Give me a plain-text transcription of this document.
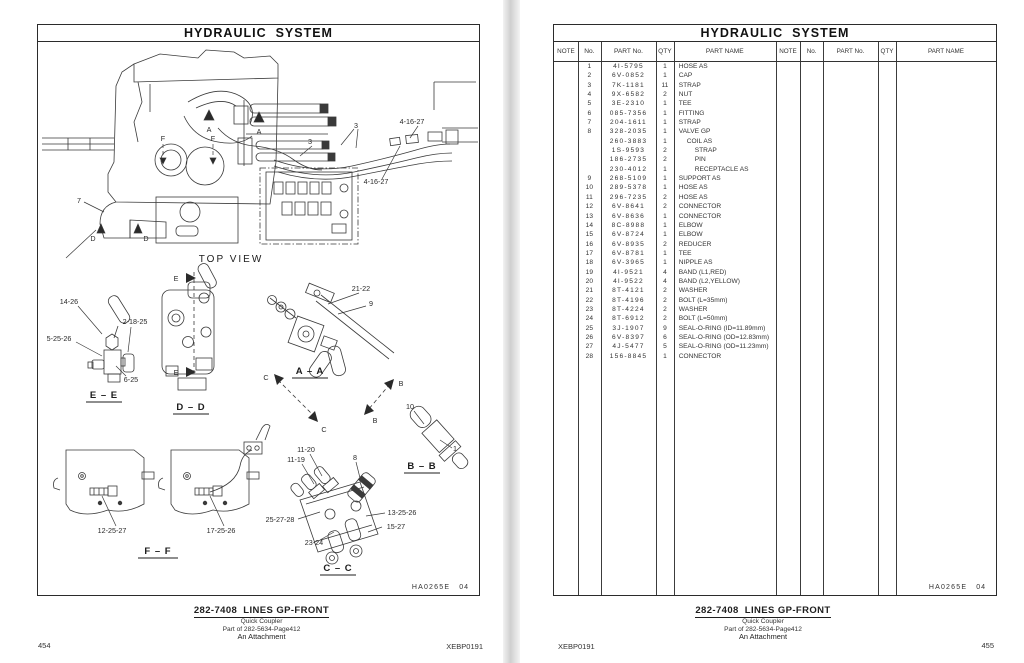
HYDRAULIC  SYSTEM
3
3
4-16-27
4-16-27
7
A	A
F	F
D	D
TOP VIEW
14-26
2-18-25
5-25-26
6-25
E – E
E
E
D – D
21-22
9
A – A
C
C
B
B
10
1
B – B
12-25-27	17-25-26
F – F
11-20
11-19	8
25-27-28
13-25-26
15-27
23-24
C – C
HA0265E 04
282-7408  LINES GP-FRONT
Quick Coupler
Part of 282-5634-Page412
An Attachment
454	XEBP0191
HYDRAULIC  SYSTEM
NOTE	No.	PART No.	QTY	PART NAME	NOTE	No.	PART No.	QTY	PART NAME
1	4I-5795	1	HOSE AS
2	6V-0852	1	CAP
3	7K-1181	11	STRAP
4	9X-6582	2	NUT
5	3E-2310	1	TEE
6	085-7356	1	FITTING
7	204-1611	1	STRAP
8	328-2035	1	VALVE GP
260-3883	1	COIL AS
1S-9593	2	STRAP
186-2735	2	PIN
230-4012	1	RECEPTACLE AS
9	268-5109	1	SUPPORT AS
10	289-5378	1	HOSE AS
11	296-7235	2	HOSE AS
12	6V-8641	2	CONNECTOR
13	6V-8636	1	CONNECTOR
14	8C-8988	1	ELBOW
15	6V-8724	1	ELBOW
16	6V-8935	2	REDUCER
17	6V-8781	1	TEE
18	6V-3965	1	NIPPLE AS
19	4I-9521	4	BAND (L1,RED)
20	4I-9522	4	BAND (L2,YELLOW)
21	8T-4121	2	WASHER
22	8T-4196	2	BOLT (L=35mm)
23	8T-4224	2	WASHER
24	8T-6912	2	BOLT (L=50mm)
25	3J-1907	9	SEAL-O-RING (ID=11.89mm)
26	6V-8397	6	SEAL-O-RING (OD=12.83mm)
27	4J-5477	5	SEAL-O-RING (OD=11.23mm)
28	156-8845	1	CONNECTOR
HA0265E 04
282-7408  LINES GP-FRONT
Quick Coupler
Part of 282-5634-Page412
An Attachment
XEBP0191	455
